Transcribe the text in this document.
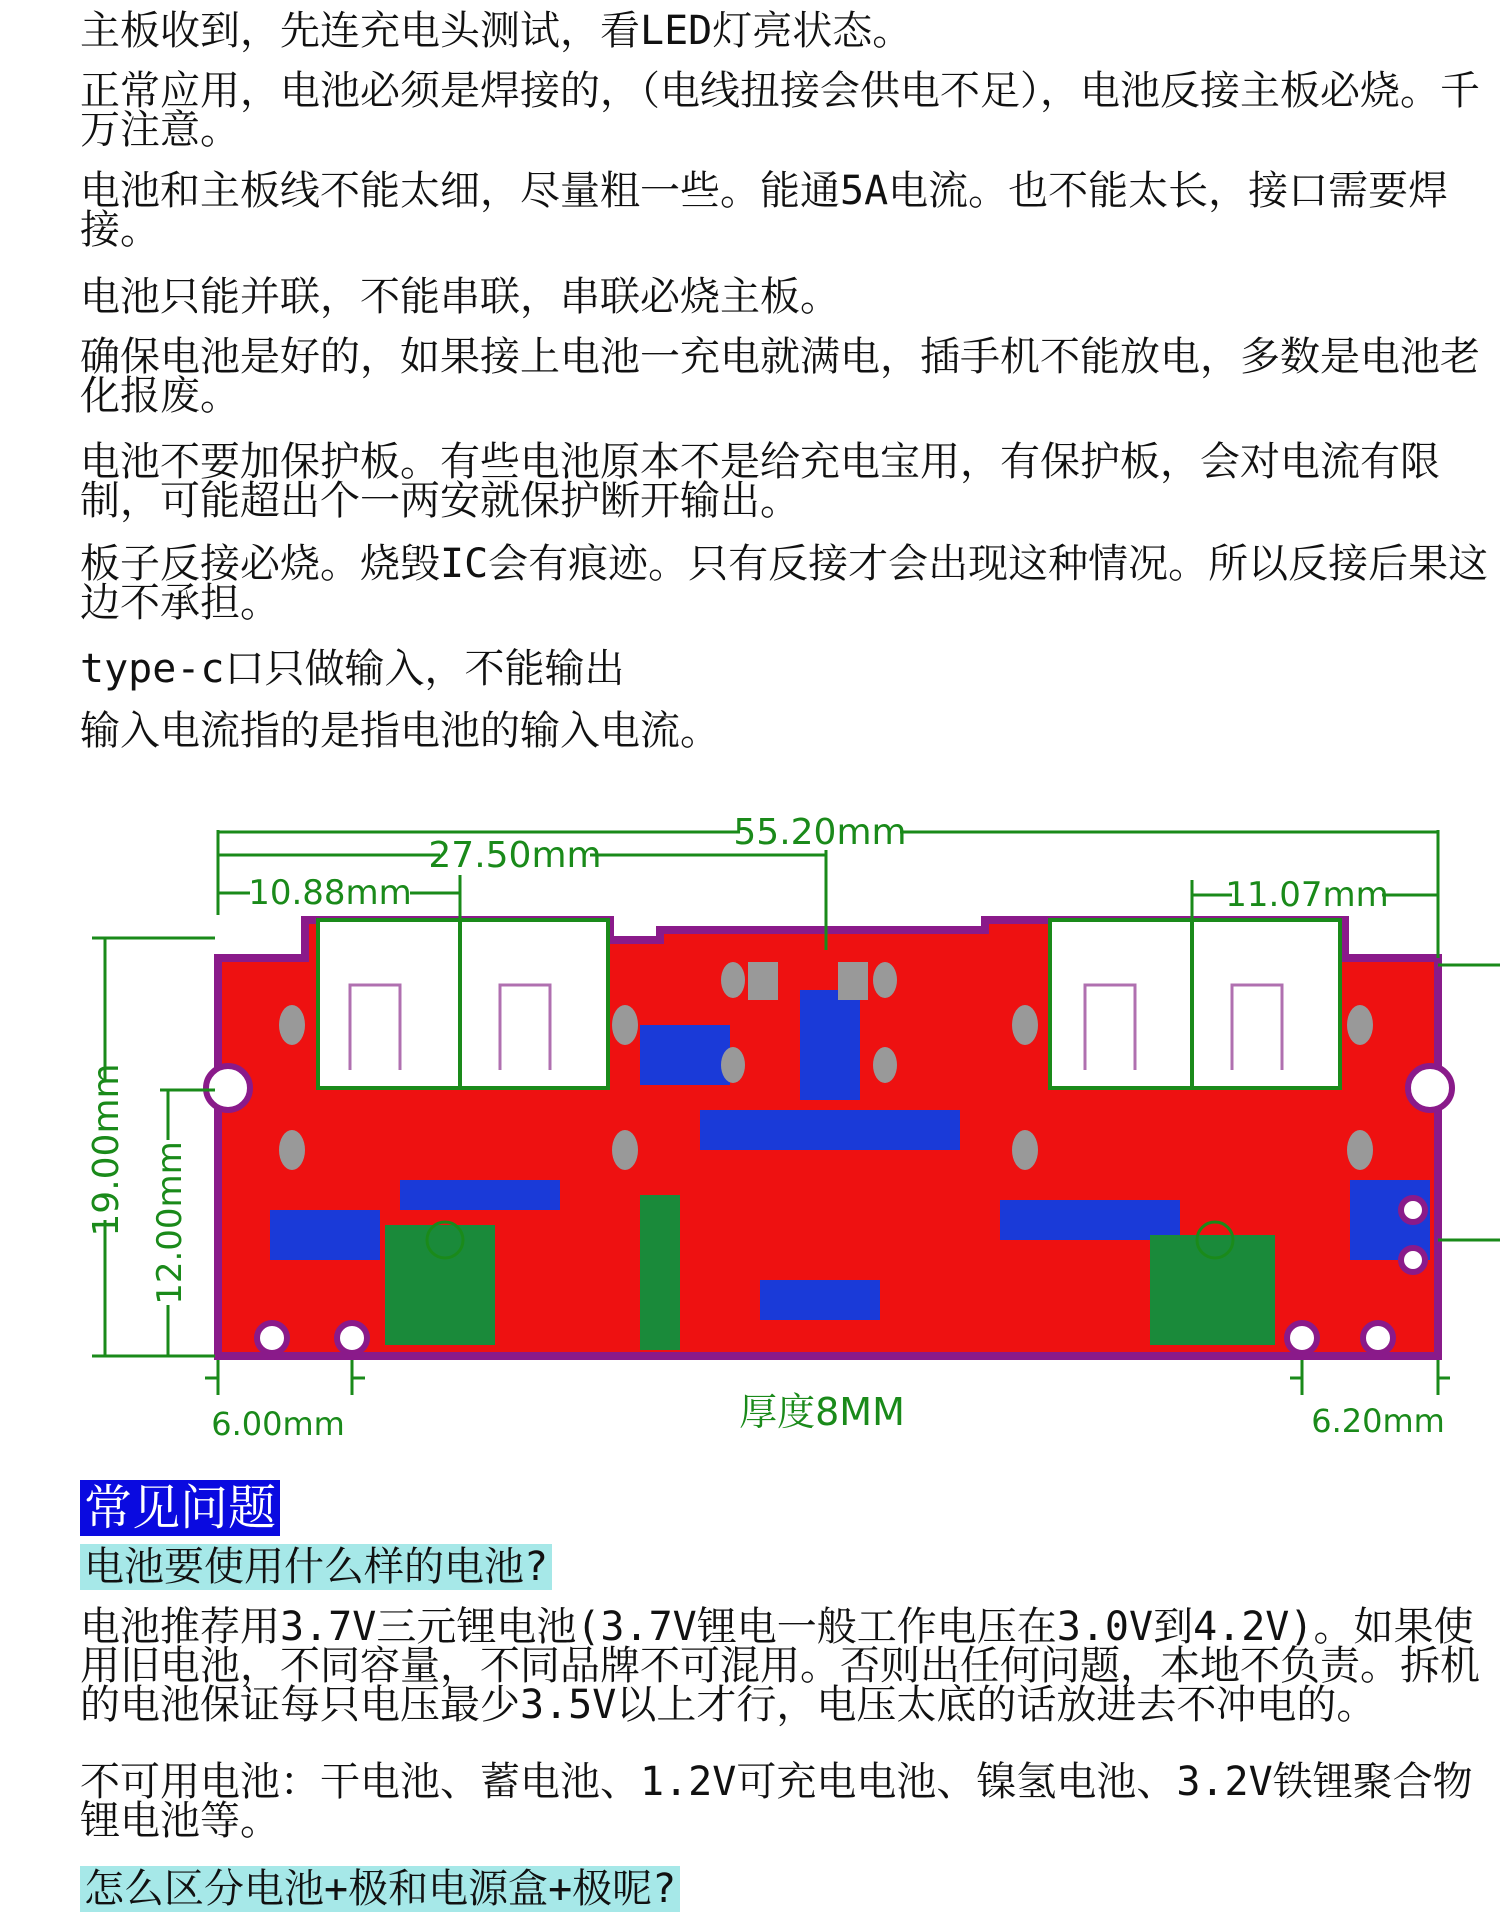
主板收到，先连充电头测试，看LED灯亮状态。

正常应用，电池必须是焊接的，（电线扭接会供电不足），电池反接主板必烧。千万注意。

电池和主板线不能太细，尽量粗一些。能通5A电流。也不能太长，接口需要焊接。

电池只能并联，不能串联，串联必烧主板。

确保电池是好的，如果接上电池一充电就满电，插手机不能放电，多数是电池老化报废。

电池不要加保护板。有些电池原本不是给充电宝用，有保护板，会对电流有限制，可能超出个一两安就保护断开输出。

板子反接必烧。烧毁IC会有痕迹。只有反接才会出现这种情况。所以反接后果这边不承担。

type-c口只做输入，不能输出

输入电流指的是指电池的输入电流。

55.20mm
27.50mm
10.88mm	11.07mm
19.00mm 12.00mm
6.00mm	6.20mm
厚度8MM
常见问题
电池要使用什么样的电池?

电池推荐用3.7V三元锂电池(3.7V锂电一般工作电压在3.0V到4.2V)。如果使用旧电池，不同容量，不同品牌不可混用。否则出任何问题，本地不负责。拆机的电池保证每只电压最少3.5V以上才行，电压太底的话放进去不冲电的。

不可用电池：干电池、蓄电池、1.2V可充电电池、镍氢电池、3.2V铁锂聚合物锂电池等。

怎么区分电池+极和电源盒+极呢?
